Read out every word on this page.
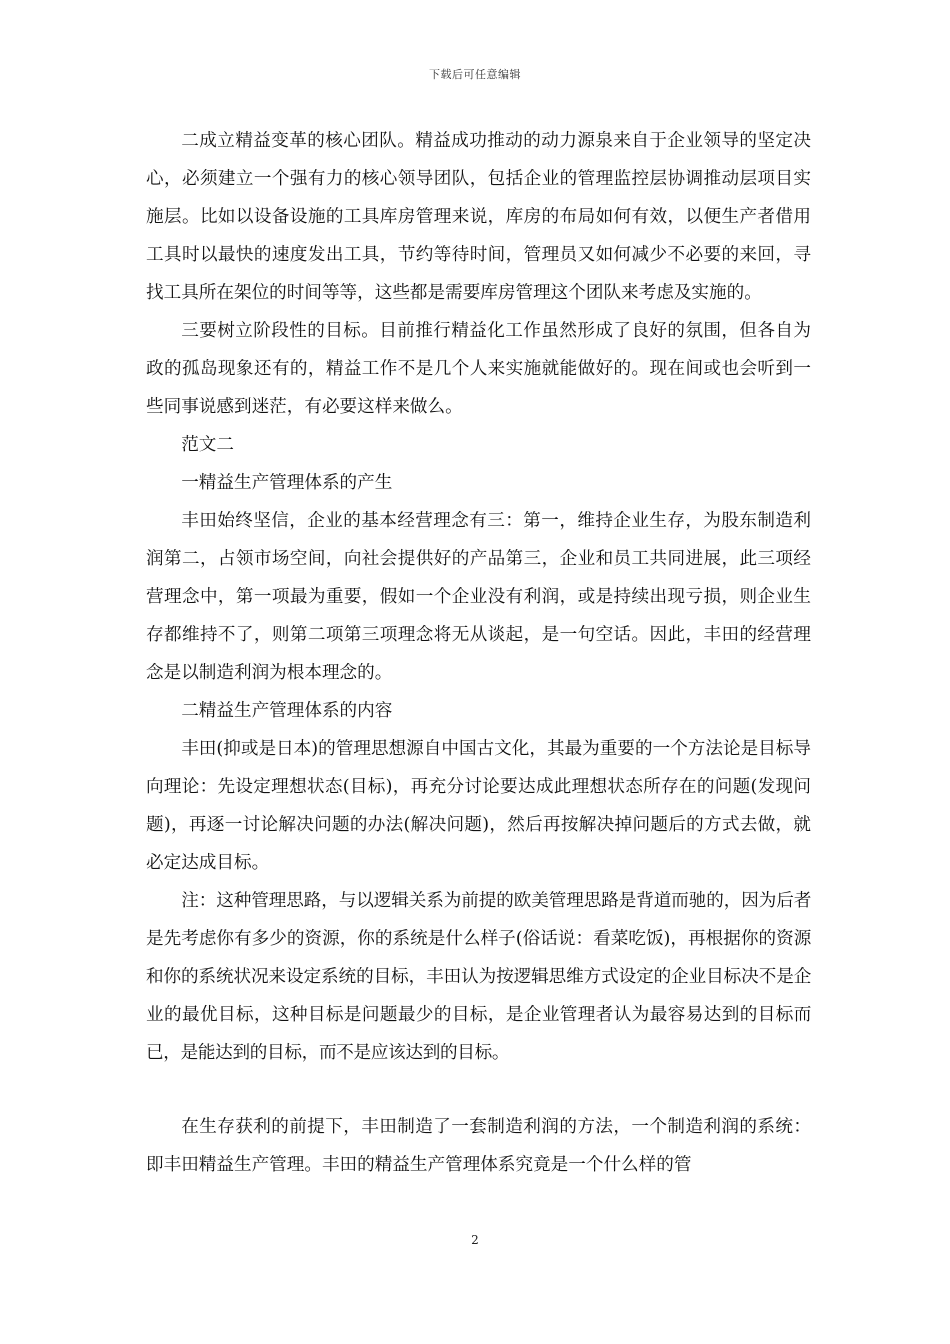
下载后可任意编辑

二成立精益变革的核心团队。精益成功推动的动力源泉来自于企业领导的坚定决心，必须建立一个强有力的核心领导团队，包括企业的管理监控层协调推动层项目实施层。比如以设备设施的工具库房管理来说，库房的布局如何有效，以便生产者借用工具时以最快的速度发出工具，节约等待时间，管理员又如何减少不必要的来回，寻找工具所在架位的时间等等，这些都是需要库房管理这个团队来考虑及实施的。

三要树立阶段性的目标。目前推行精益化工作虽然形成了良好的氛围，但各自为政的孤岛现象还有的，精益工作不是几个人来实施就能做好的。现在间或也会听到一些同事说感到迷茫，有必要这样来做么。

范文二

一精益生产管理体系的产生

丰田始终坚信，企业的基本经营理念有三：第一，维持企业生存，为股东制造利润第二，占领市场空间，向社会提供好的产品第三，企业和员工共同进展，此三项经营理念中，第一项最为重要，假如一个企业没有利润，或是持续出现亏损，则企业生存都维持不了，则第二项第三项理念将无从谈起，是一句空话。因此，丰田的经营理念是以制造利润为根本理念的。

二精益生产管理体系的内容

丰田(抑或是日本)的管理思想源自中国古文化，其最为重要的一个方法论是目标导向理论：先设定理想状态(目标)，再充分讨论要达成此理想状态所存在的问题(发现问题)，再逐一讨论解决问题的办法(解决问题)，然后再按解决掉问题后的方式去做，就必定达成目标。

注：这种管理思路，与以逻辑关系为前提的欧美管理思路是背道而驰的，因为后者是先考虑你有多少的资源，你的系统是什么样子(俗话说：看菜吃饭)，再根据你的资源和你的系统状况来设定系统的目标，丰田认为按逻辑思维方式设定的企业目标决不是企业的最优目标，这种目标是问题最少的目标，是企业管理者认为最容易达到的目标而已，是能达到的目标，而不是应该达到的目标。

在生存获利的前提下，丰田制造了一套制造利润的方法，一个制造利润的系统：即丰田精益生产管理。丰田的精益生产管理体系究竟是一个什么样的管

2
